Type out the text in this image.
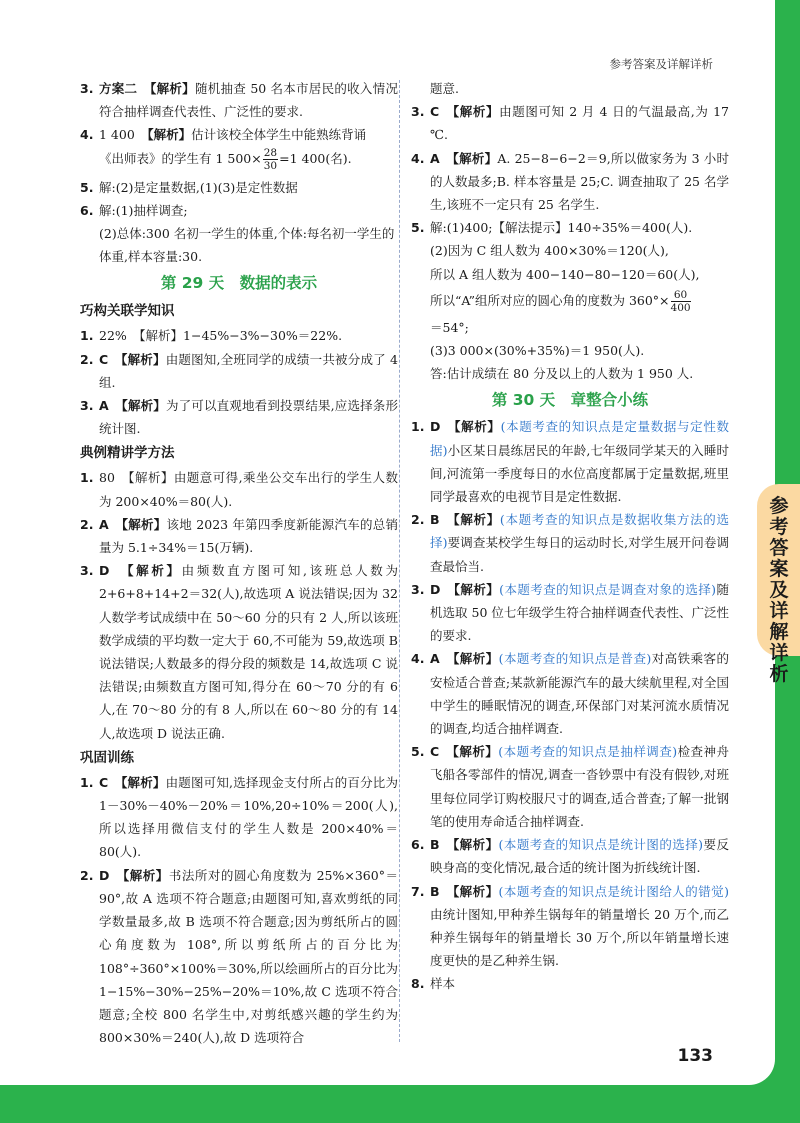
参考答案及详解详析
3. 方案二　 【解析】随机抽查 50 名本市居民的收入情况符合抽样调查代表性、广泛性的要求.
4. 1 400　 【解析】估计该校全体学生中能熟练背诵
《出师表》的学生有 1 $500\times \frac{28}{30} =1$ 400(名).
5. 解:(2)是定量数据,(1)(3)是定性数据
6. 解:(1)抽样调查;
(2)总体:300 名初一学生的体重,个体:每名初一学生的体重,样本容量:30.
第 29 天　数据的表示
巧构关联学知识
1. 22%　【解析】1−45%−3%−30%＝22%.
2. C　 【解析】由题图知,全班同学的成绩一共被分成了 4 组.
3. A　 【解析】为了可以直观地看到投票结果,应选择条形统计图.
典例精讲学方法
1. 80　【解析】由题意可得,乘坐公交车出行的学生人数为 200×40%＝80(人).
2. A　 【解析】该地 2023 年第四季度新能源汽车的总销量为 5.1÷34%＝15(万辆).
3. D　 【解析】由频数直方图可知,该班总人数为 2+6+8+14+2＝32(人),故选项 A 说法错误;因为 32 人数学考试成绩中在 50～60 分的只有 2 人,所以该班数学成绩的平均数一定大于 60,不可能为 59,故选项 B 说法错误;人数最多的得分段的频数是 14,故选项 C 说法错误;由频数直方图可知,得分在 60～70 分的有 6 人,在 70～80 分的有 8 人,所以在 60～80 分的有 14 人,故选项 D 说法正确.
巩固训练
1. C　 【解析】由题图可知,选择现金支付所占的百分比为 1－30%－40%－20%＝10%,20÷10%＝200(人),所以选择用微信支付的学生人数是 200×40%＝80(人).
2. D　 【解析】书法所对的圆心角度数为 25%×360°＝90°,故 A 选项不符合题意;由题图可知,喜欢剪纸的同学数量最多,故 B 选项不符合题意;因为剪纸所占的圆心角度数为 108°,所以剪纸所占的百分比为 108°÷360°×100%＝30%,所以绘画所占的百分比为 1−15%−30%−25%−20%＝10%,故 C 选项不符合题意;全校 800 名学生中,对剪纸感兴趣的学生约为 800×30%＝240(人),故 D 选项符合
题意.
3. C　 【解析】由题图可知 2 月 4 日的气温最高,为 17 ℃.
4. A　 【解析】A. 25−8−6−2＝9,所以做家务为 3 小时的人数最多;B. 样本容量是 25;C. 调查抽取了 25 名学生,该班不一定只有 25 名学生.
5. 解:(1)400;【解法提示】140÷35%＝400(人).
(2)因为 C 组人数为 400×30%＝120(人),
所以 A 组人数为 400−140−80−120＝60(人),
所以“A”组所对应的圆心角的度数为 $360^\circ\times \frac{60}{400}$
＝54°;
(3)3 000×(30%+35%)＝1 950(人).
答:估计成绩在 80 分及以上的人数为 1 950 人.
第 30 天　章整合小练
1. D　 【解析】(本题考查的知识点是定量数据与定性数据)小区某日晨练居民的年龄,七年级同学某天的入睡时间,河流第一季度每日的水位高度都属于定量数据,班里同学最喜欢的电视节目是定性数据.
2. B　 【解析】(本题考查的知识点是数据收集方法的选择)要调查某校学生每日的运动时长,对学生展开问卷调查最恰当.
3. D　 【解析】(本题考查的知识点是调查对象的选择)随机选取 50 位七年级学生符合抽样调查代表性、广泛性的要求.
4. A　 【解析】(本题考查的知识点是普查)对高铁乘客的安检适合普查;某款新能源汽车的最大续航里程,对全国中学生的睡眠情况的调查,环保部门对某河流水质情况的调查,均适合抽样调查.
5. C　 【解析】(本题考查的知识点是抽样调查)检查神舟飞船各零部件的情况,调查一沓钞票中有没有假钞,对班里每位同学订购校服尺寸的调查,适合普查;了解一批钢笔的使用寿命适合抽样调查.
6. B　 【解析】(本题考查的知识点是统计图的选择)要反映身高的变化情况,最合适的统计图为折线统计图.
7. B　 【解析】(本题考查的知识点是统计图给人的错觉)由统计图知,甲种养生锅每年的销量增长 20 万个,而乙种养生锅每年的销量增长 30 万个,所以年销量增长速度更快的是乙种养生锅.
8. 样本
133
参考答案及详解详析
